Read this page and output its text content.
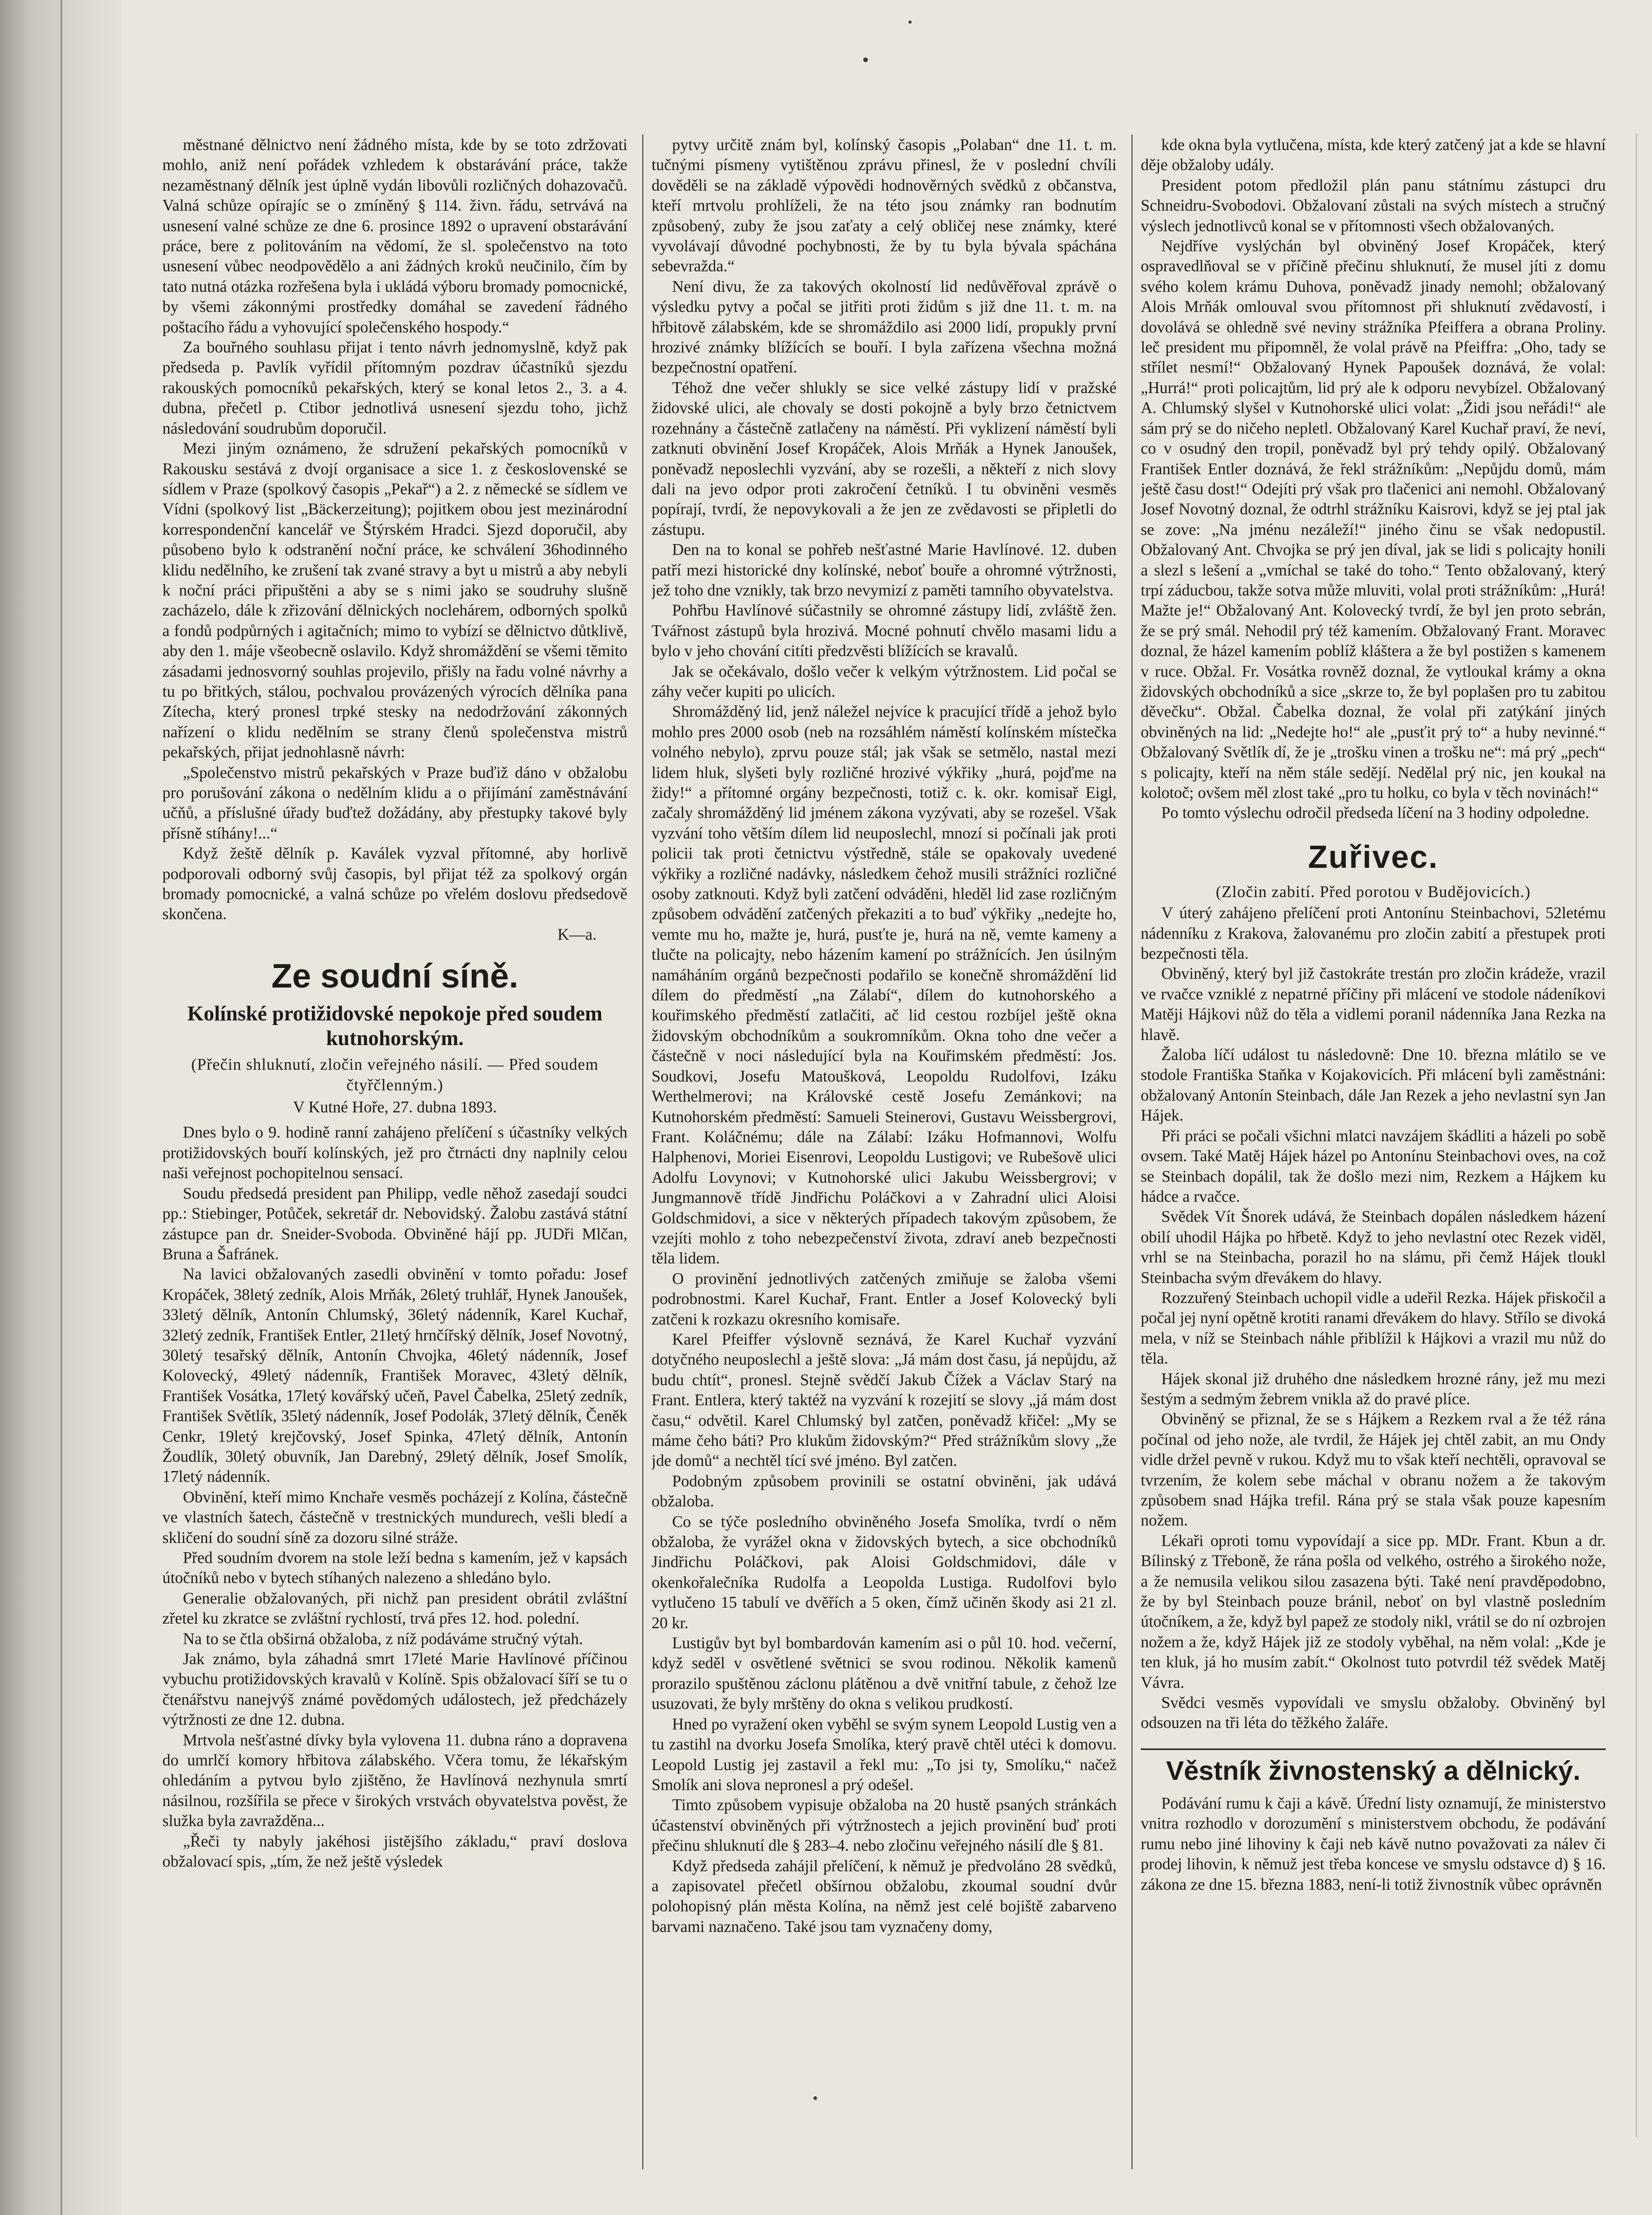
městnané dělnictvo není žádného místa, kde by se toto zdržovati mohlo, aniž není pořádek vzhledem k obstarávání práce, takže nezaměstnaný dělník jest úplně vydán libovůli rozličných dohazovačů. Valná schůze opírajíc se o zmíněný § 114. živn. řádu, setrvává na usnesení valné schůze ze dne 6. prosince 1892 o upravení obstarávání práce, bere z politováním na vědomí, že sl. společenstvo na toto usnesení vůbec neodpovědělo a ani žádných kroků neučinilo, čím by tato nutná otázka rozřešena byla i ukládá výboru bromady pomocnické, by všemi zákonnými prostředky domáhal se zavedení řádného poštacího řádu a vyhovující společenského hospody.“

Za bouřného souhlasu přijat i tento návrh jednomyslně, když pak předseda p. Pavlík vyřídil přítomným pozdrav účastníků sjezdu rakouských pomocníků pekařských, který se konal letos 2., 3. a 4. dubna, přečetl p. Ctibor jednotlivá usnesení sjezdu toho, jichž následování soudrubům doporučil.

Mezi jiným oznámeno, že sdružení pekařských pomocníků v Rakousku sestává z dvojí organisace a sice 1. z československé se sídlem v Praze (spolkový časopis „Pekař“) a 2. z německé se sídlem ve Vídni (spolkový list „Bäckerzeitung); pojitkem obou jest mezinárodní korrespondenční kancelář ve Štýrském Hradci. Sjezd doporučil, aby působeno bylo k odstranění noční práce, ke schválení 36hodinného klidu nedělního, ke zrušení tak zvané stravy a byt u mistrů a aby nebyli k noční práci připuštěni a aby se s nimi jako se soudruhy slušně zacházelo, dále k zřizování dělnických noclehárem, odborných spolků a fondů podpůrných i agitačních; mimo to vybízí se dělnictvo důtklivě, aby den 1. máje všeobecně oslavilo. Když shromáždění se všemi těmito zásadami jednosvorný souhlas projevilo, přišly na řadu volné návrhy a tu po břitkých, stálou, pochvalou provázených výrocích dělníka pana Zítecha, který pronesl trpké stesky na nedodržování zákonných nařízení o klidu nedělním se strany členů společenstva mistrů pekařských, přijat jednohlasně návrh:

„Společenstvo mistrů pekařských v Praze buďiž dáno v obžalobu pro porušování zákona o nedělním klidu a o přijímání zaměstnávání učňů, a příslušné úřady buďtež dožádány, aby přestupky takové byly přísně stíhány!...“

Když žeště dělník p. Kaválek vyzval přítomné, aby horlivě podporovali odborný svůj časopis, byl přijat též za spolkový orgán bromady pomocnické, a valná schůze po vřelém doslovu předsedově skončena.

K—a.
Ze soudní síně.
Kolínské protižidovské nepokoje před soudem kutnohorským.
(Přečin shluknutí, zločin veřejného násilí. — Před soudem čtyřčlenným.)
V Kutné Hoře, 27. dubna 1893.

Dnes bylo o 9. hodině ranní zahájeno přelíčení s účastníky velkých protižidovských bouří kolínských, jež pro čtrnácti dny naplnily celou naši veřejnost pochopitelnou sensací.

Soudu předsedá president pan Philipp, vedle něhož zasedají soudci pp.: Stiebinger, Potůček, sekretář dr. Nebovidský. Žalobu zastává státní zástupce pan dr. Sneider-Svoboda. Obviněné hájí pp. JUDři Mlčan, Bruna a Šafránek.

Na lavici obžalovaných zasedli obvinění v tomto pořadu: Josef Kropáček, 38letý zedník, Alois Mrňák, 26letý truhlář, Hynek Janoušek, 33letý dělník, Antonín Chlumský, 36letý nádenník, Karel Kuchař, 32letý zedník, František Entler, 21letý hrnčířský dělník, Josef Novotný, 30letý tesařský dělník, Antonín Chvojka, 46letý nádenník, Josef Kolovecký, 49letý nádenník, František Moravec, 43letý dělník, František Vosátka, 17letý kovářský učeň, Pavel Čabelka, 25letý zedník, František Světlík, 35letý nádenník, Josef Podolák, 37letý dělník, Čeněk Cenkr, 19letý krejčovský, Josef Spinka, 47letý dělník, Antonín Žoudlík, 30letý obuvník, Jan Darebný, 29letý dělník, Josef Smolík, 17letý nádenník.

Obvinění, kteří mimo Knchaře vesměs pocházejí z Kolína, částečně ve vlastních šatech, částečně v trestnických mundurech, vešli bledí a skličení do soudní síně za dozoru silné stráže.

Před soudním dvorem na stole leží bedna s kamením, jež v kapsách útočníků nebo v bytech stíhaných nalezeno a shledáno bylo.

Generalie obžalovaných, při nichž pan president obrátil zvláštní zřetel ku zkratce se zvláštní rychlostí, trvá přes 12. hod. polední.

Na to se čtla obširná obžaloba, z níž podáváme stručný výtah.

Jak známo, byla záhadná smrt 17leté Marie Havlínové příčinou vybuchu protižidovských kravalů v Kolíně. Spis obžalovací šíří se tu o čtenářstvu nanejvýš známé povědomých událostech, jež předcházely výtržnosti ze dne 12. dubna.

Mrtvola nešťastné dívky byla vylovena 11. dubna ráno a dopravena do umrlčí komory hřbitova zálabského. Včera tomu, že lékařským ohledáním a pytvou bylo zjištěno, že Havlínová nezhynula smrtí násilnou, rozšířila se přece v širokých vrstvách obyvatelstva pověst, že služka byla zavražděna...

„Řeči ty nabyly jakéhosi jistějšího základu,“ praví doslova obžalovací spis, „tím, že než ještě výsledek

pytvy určitě znám byl, kolínský časopis „Polaban“ dne 11. t. m. tučnými písmeny vytištěnou zprávu přinesl, že v poslední chvíli dověděli se na základě výpovědi hodnověrných svědků z občanstva, kteří mrtvolu prohlíželi, že na této jsou známky ran bodnutím způsobený, zuby že jsou zaťaty a celý obličej nese známky, které vyvolávají důvodné pochybnosti, že by tu byla bývala spáchána sebevražda.“

Není divu, že za takových okolností lid nedůvěřoval zprávě o výsledku pytvy a počal se jitřiti proti židům s již dne 11. t. m. na hřbitově zálabském, kde se shromáždilo asi 2000 lidí, propukly první hrozivé známky blížících se bouří. I byla zařízena všechna možná bezpečnostní opatření.

Téhož dne večer shlukly se sice velké zástupy lidí v pražské židovské ulici, ale chovaly se dosti pokojně a byly brzo četnictvem rozehnány a částečně zatlačeny na náměstí. Při vyklizení náměstí byli zatknuti obvinění Josef Kropáček, Alois Mrňák a Hynek Janoušek, poněvadž neposlechli vyzvání, aby se rozešli, a někteří z nich slovy dali na jevo odpor proti zakročení četníků. I tu obviněni vesměs popírají, tvrdí, že nepovykovali a že jen ze zvědavosti se připletli do zástupu.

Den na to konal se pohřeb nešťastné Marie Havlínové. 12. duben patří mezi historické dny kolínské, neboť bouře a ohromné výtržnosti, jež toho dne vznikly, tak brzo nevymizí z paměti tamního obyvatelstva.

Pohřbu Havlínové súčastnily se ohromné zástupy lidí, zvláště žen. Tvářnost zástupů byla hrozivá. Mocné pohnutí chvělo masami lidu a bylo v jeho chování citíti předzvěsti blížících se kravalů.

Jak se očekávalo, došlo večer k velkým výtržnostem. Lid počal se záhy večer kupiti po ulicích.

Shromážděný lid, jenž náležel nejvíce k pracující třídě a jehož bylo mohlo pres 2000 osob (neb na rozsáhlém náměstí kolínském místečka volného nebylo), zprvu pouze stál; jak však se setmělo, nastal mezi lidem hluk, slyšeti byly rozličné hrozivé výkřiky „hurá, pojďme na židy!“ a přítomné orgány bezpečnosti, totiž c. k. okr. komisař Eigl, začaly shromážděný lid jménem zákona vyzývati, aby se rozešel. Však vyzvání toho větším dílem lid neuposlechl, mnozí si počínali jak proti policii tak proti četnictvu výstředně, stále se opakovaly uvedené výkřiky a rozličné nadávky, následkem čehož musili strážníci rozličné osoby zatknouti. Když byli zatčení odváděni, hleděl lid zase rozličným způsobem odvádění zatčených překaziti a to buď výkřiky „nedejte ho, vemte mu ho, mažte je, hurá, pusťte je, hurá na ně, vemte kameny a tlučte na policajty, nebo házením kamení po strážnících. Jen úsilným namáháním orgánů bezpečnosti podařilo se konečně shromáždění lid dílem do předměstí „na Zálabí“, dílem do kutnohorského a kouřimského předměstí zatlačiti, ač lid cestou rozbíjel ještě okna židovským obchodníkům a soukromníkům. Okna toho dne večer a částečně v noci následující byla na Kouřimském předměstí: Jos. Soudkovi, Josefu Matoušková, Leopoldu Rudolfovi, Izáku Werthelmerovi; na Královské cestě Josefu Zemánkovi; na Kutnohorském předměstí: Samueli Steinerovi, Gustavu Weissbergrovi, Frant. Koláčnému; dále na Zálabí: Izáku Hofmannovi, Wolfu Halphenovi, Moriei Eisenrovi, Leopoldu Lustigovi; ve Rubešově ulici Adolfu Lovynovi; v Kutnohorské ulici Jakubu Weissbergrovi; v Jungmannově třídě Jindřichu Poláčkovi a v Zahradní ulici Aloisi Goldschmidovi, a sice v některých případech takovým způsobem, že vzejíti mohlo z toho nebezpečenství života, zdraví aneb bezpečnosti těla lidem.

O provinění jednotlivých zatčených zmiňuje se žaloba všemi podrobnostmi. Karel Kuchař, Frant. Entler a Josef Kolovecký byli zatčeni k rozkazu okresního komisaře.

Karel Pfeiffer výslovně seznává, že Karel Kuchař vyzvání dotyčného neuposlechl a ještě slova: „Já mám dost času, já nepůjdu, až budu chtít“, pronesl. Stejně svědčí Jakub Čížek a Václav Starý na Frant. Entlera, který taktéž na vyzvání k rozejití se slovy „já mám dost času,“ odvětil. Karel Chlumský byl zatčen, poněvadž křičel: „My se máme čeho báti? Pro klukům židovským?“ Před strážníkům slovy „že jde domů“ a nechtěl tící své jméno. Byl zatčen.

Podobným způsobem provinili se ostatní obviněni, jak udává obžaloba.

Co se týče posledního obviněného Josefa Smolíka, tvrdí o něm obžaloba, že vyrážel okna v židovských bytech, a sice obchodníků Jindřichu Poláčkovi, pak Aloisi Goldschmidovi, dále v okenkořalečníka Rudolfa a Leopolda Lustiga. Rudolfovi bylo vytlučeno 15 tabulí ve dvěřích a 5 oken, čímž učiněn škody asi 21 zl. 20 kr.

Lustigův byt byl bombardován kamením asi o půl 10. hod. večerní, když seděl v osvětlené světnici se svou rodinou. Několik kamenů prorazilo spuštěnou záclonu plátěnou a dvě vnitřní tabule, z čehož lze usuzovati, že byly mrštěny do okna s velikou prudkostí.

Hned po vyražení oken vyběhl se svým synem Leopold Lustig ven a tu zastihl na dvorku Josefa Smolíka, který pravě chtěl utéci k domovu. Leopold Lustig jej zastavil a řekl mu: „To jsi ty, Smolíku,“ načež Smolík ani slova nepronesl a prý odešel.

Timto způsobem vypisuje obžaloba na 20 hustě psaných stránkách účastenství obviněných při výtržnostech a jejich provinění buď proti přečinu shluknutí dle § 283–4. nebo zločinu veřejného násilí dle § 81.

Když předseda zahájil přelíčení, k němuž je předvoláno 28 svědků, a zapisovatel přečetl obšírnou obžalobu, zkoumal soudní dvůr polohopisný plán města Kolína, na němž jest celé bojiště zabarveno barvami naznačeno. Také jsou tam vyznačeny domy,

kde okna byla vytlučena, místa, kde který zatčený jat a kde se hlavní děje obžaloby udály.

President potom předložil plán panu státnímu zástupci dru Schneidru-Svobodovi. Obžalovaní zůstali na svých místech a stručný výslech jednotlivců konal se v přítomnosti všech obžalovaných.

Nejdříve vyslýchán byl obviněný Josef Kropáček, který ospravedlňoval se v příčině přečinu shluknutí, že musel jíti z domu svého kolem krámu Duhova, poněvadž jinady nemohl; obžalovaný Alois Mrňák omlouval svou přítomnost při shluknutí zvědavostí, i dovolává se ohledně své neviny strážníka Pfeiffera a obrana Proliny. leč president mu připomněl, že volal právě na Pfeiffra: „Oho, tady se střílet nesmí!“ Obžalovaný Hynek Papoušek doznává, že volal: „Hurrá!“ proti policajtům, lid prý ale k odporu nevybízel. Obžalovaný A. Chlumský slyšel v Kutnohorské ulici volat: „Židi jsou neřádi!“ ale sám prý se do ničeho nepletl. Obžalovaný Karel Kuchař praví, že neví, co v osudný den tropil, poněvadž byl prý tehdy opilý. Obžalovaný František Entler doznává, že řekl strážníkům: „Nepůjdu domů, mám ještě času dost!“ Odejíti prý však pro tlačenici ani nemohl. Obžalovaný Josef Novotný doznal, že odtrhl strážníku Kaisrovi, když se jej ptal jak se zove: „Na jménu nezáleží!“ jiného činu se však nedopustil. Obžalovaný Ant. Chvojka se prý jen díval, jak se lidi s policajty honili a slezl s lešení a „vmíchal se také do toho.“ Tento obžalovaný, který trpí záducbou, takže sotva může mluviti, volal proti strážníkům: „Hurá! Mažte je!“ Obžalovaný Ant. Kolovecký tvrdí, že byl jen proto sebrán, že se prý smál. Nehodil prý též kamením. Obžalovaný Frant. Moravec doznal, že házel kamením poblíž kláštera a že byl postižen s kamenem v ruce. Obžal. Fr. Vosátka rovněž doznal, že vytloukal krámy a okna židovských obchodníků a sice „skrze to, že byl poplašen pro tu zabitou děvečku“. Obžal. Čabelka doznal, že volal při zatýkání jiných obviněných na lid: „Nedejte ho!“ ale „pusťit prý to“ a huby nevinné.“ Obžalovaný Světlík dí, že je „trošku vinen a trošku ne“: má prý „pech“ s policajty, kteří na něm stále sedějí. Nedělal prý nic, jen koukal na kolotoč; ovšem měl zlost také „pro tu holku, co byla v těch novinách!“

Po tomto výslechu odročil předseda líčení na 3 hodiny odpoledne.

Zuřivec.
(Zločin zabití. Před porotou v Budějovicích.)

V úterý zahájeno přelíčení proti Antonínu Steinbachovi, 52letému nádenníku z Krakova, žalovanému pro zločin zabití a přestupek proti bezpečnosti těla.

Obviněný, který byl již častokráte trestán pro zločin krádeže, vrazil ve rvačce vzniklé z nepatrné příčiny při mlácení ve stodole nádeníkovi Matěji Hájkovi nůž do těla a vidlemi poranil nádenníka Jana Rezka na hlavě.

Žaloba líčí událost tu následovně: Dne 10. března mlátilo se ve stodole Františka Staňka v Kojakovicích. Při mlácení byli zaměstnáni: obžalovaný Antonín Steinbach, dále Jan Rezek a jeho nevlastní syn Jan Hájek.

Při práci se počali všichni mlatci navzájem škádliti a házeli po sobě ovsem. Také Matěj Hájek házel po Antonínu Steinbachovi oves, na což se Steinbach dopálil, tak že došlo mezi nim, Rezkem a Hájkem ku hádce a rvačce.

Svědek Vít Šnorek udává, že Steinbach dopálen následkem házení obilí uhodil Hájka po hřbetě. Když to jeho nevlastní otec Rezek viděl, vrhl se na Steinbacha, porazil ho na slámu, při čemž Hájek tloukl Steinbacha svým dřevákem do hlavy.

Rozzuřený Steinbach uchopil vidle a udeřil Rezka. Hájek přiskočil a počal jej nyní opětně krotiti ranami dřevákem do hlavy. Střílo se divoká mela, v níž se Steinbach náhle přiblížil k Hájkovi a vrazil mu nůž do těla.

Hájek skonal již druhého dne následkem hrozné rány, jež mu mezi šestým a sedmým žebrem vnikla až do pravé plíce.

Obviněný se přiznal, že se s Hájkem a Rezkem rval a že též rána počínal od jeho nože, ale tvrdil, že Hájek jej chtěl zabit, an mu Ondy vidle držel pevně v rukou. Když mu to však kteří nechtěli, opravoval se tvrzením, že kolem sebe máchal v obranu nožem a že takovým způsobem snad Hájka trefil. Rána prý se stala však pouze kapesním nožem.

Lékaři oproti tomu vypovídají a sice pp. MDr. Frant. Kbun a dr. Bílinský z Třeboně, že rána pošla od velkého, ostrého a širokého nože, a že nemusila velikou silou zasazena býti. Také není pravděpodobno, že by byl Steinbach pouze bránil, neboť on byl vlastně posledním útočníkem, a že, když byl papež ze stodoly nikl, vrátil se do ní ozbrojen nožem a že, když Hájek již ze stodoly vyběhal, na něm volal: „Kde je ten kluk, já ho musím zabít.“ Okolnost tuto potvrdil též svědek Matěj Vávra.

Svědci vesměs vypovídali ve smyslu obžaloby. Obviněný byl odsouzen na tři léta do těžkého žaláře.

Věstník živnostenský a dělnický.

Podávání rumu k čaji a kávě. Úřední listy oznamují, že ministerstvo vnitra rozhodlo v dorozumění s ministerstvem obchodu, že podávání rumu nebo jiné lihoviny k čaji neb kávě nutno považovati za nálev či prodej lihovin, k němuž jest třeba koncese ve smyslu odstavce d) § 16. zákona ze dne 15. března 1883, není-li totiž živnostník vůbec oprávněn
